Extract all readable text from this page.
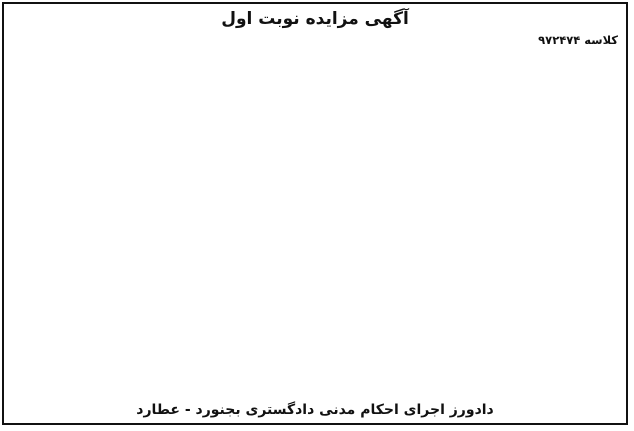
آگهی مزایده نوبت اول

کلاسه ۹۷۲۴۷۴

دادورز اجرای احکام مدنی دادگستری بجنورد - عطارد
